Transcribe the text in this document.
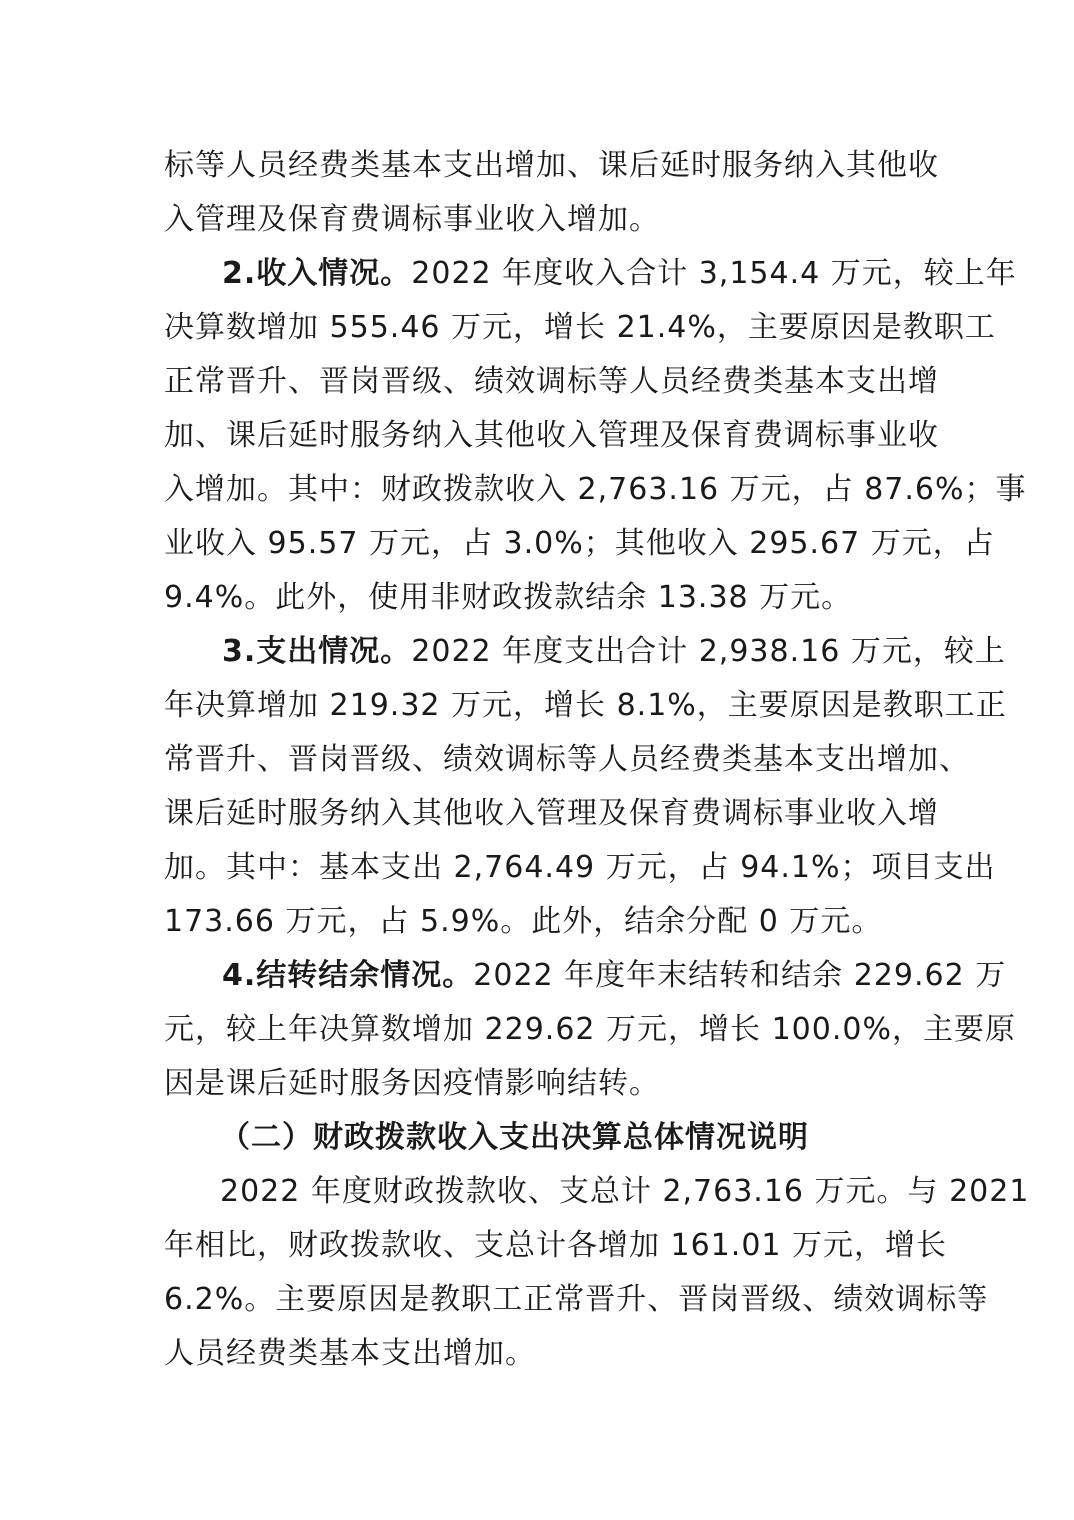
标等人员经费类基本支出增加、课后延时服务纳入其他收

入管理及保育费调标事业收入增加。

2.收入情况。2022 年度收入合计 3,154.4 万元，较上年

决算数增加 555.46 万元，增长 21.4%，主要原因是教职工

正常晋升、晋岗晋级、绩效调标等人员经费类基本支出增

加、课后延时服务纳入其他收入管理及保育费调标事业收

入增加。其中：财政拨款收入 2,763.16 万元，占 87.6%；事

业收入 95.57 万元，占 3.0%；其他收入 295.67 万元，占

9.4%。此外，使用非财政拨款结余 13.38 万元。

3.支出情况。2022 年度支出合计 2,938.16 万元，较上

年决算增加 219.32 万元，增长 8.1%，主要原因是教职工正

常晋升、晋岗晋级、绩效调标等人员经费类基本支出增加、

课后延时服务纳入其他收入管理及保育费调标事业收入增

加。其中：基本支出 2,764.49 万元，占 94.1%；项目支出

173.66 万元，占 5.9%。此外，结余分配 0 万元。

4.结转结余情况。2022 年度年末结转和结余 229.62 万

元，较上年决算数增加 229.62 万元，增长 100.0%，主要原

因是课后延时服务因疫情影响结转。

（二）财政拨款收入支出决算总体情况说明

2022 年度财政拨款收、支总计 2,763.16 万元。与 2021

年相比，财政拨款收、支总计各增加 161.01 万元，增长

6.2%。主要原因是教职工正常晋升、晋岗晋级、绩效调标等

人员经费类基本支出增加。
